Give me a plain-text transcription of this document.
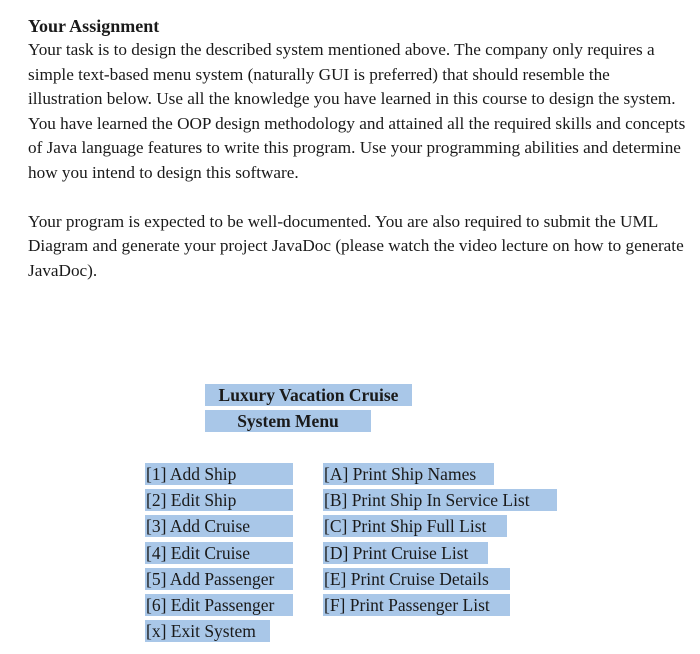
Your Assignment

Your task is to design the described system mentioned above. The company only requires a simple text-based menu system (naturally GUI is preferred) that should resemble the illustration below. Use all the knowledge you have learned in this course to design the system. You have learned the OOP design methodology and attained all the required skills and concepts of Java language features to write this program. Use your programming abilities and determine how you intend to design this software.

Your program is expected to be well-documented. You are also required to submit the UML Diagram and generate your project JavaDoc (please watch the video lecture on how to generate JavaDoc).

Luxury Vacation Cruise
System Menu
[1] Add Ship
[2] Edit Ship
[3] Add Cruise
[4] Edit Cruise
[5] Add Passenger
[6] Edit Passenger
[x] Exit System
[A] Print Ship Names
[B] Print Ship In Service List
[C] Print Ship Full List
[D] Print Cruise List
[E] Print Cruise Details
[F] Print Passenger List
